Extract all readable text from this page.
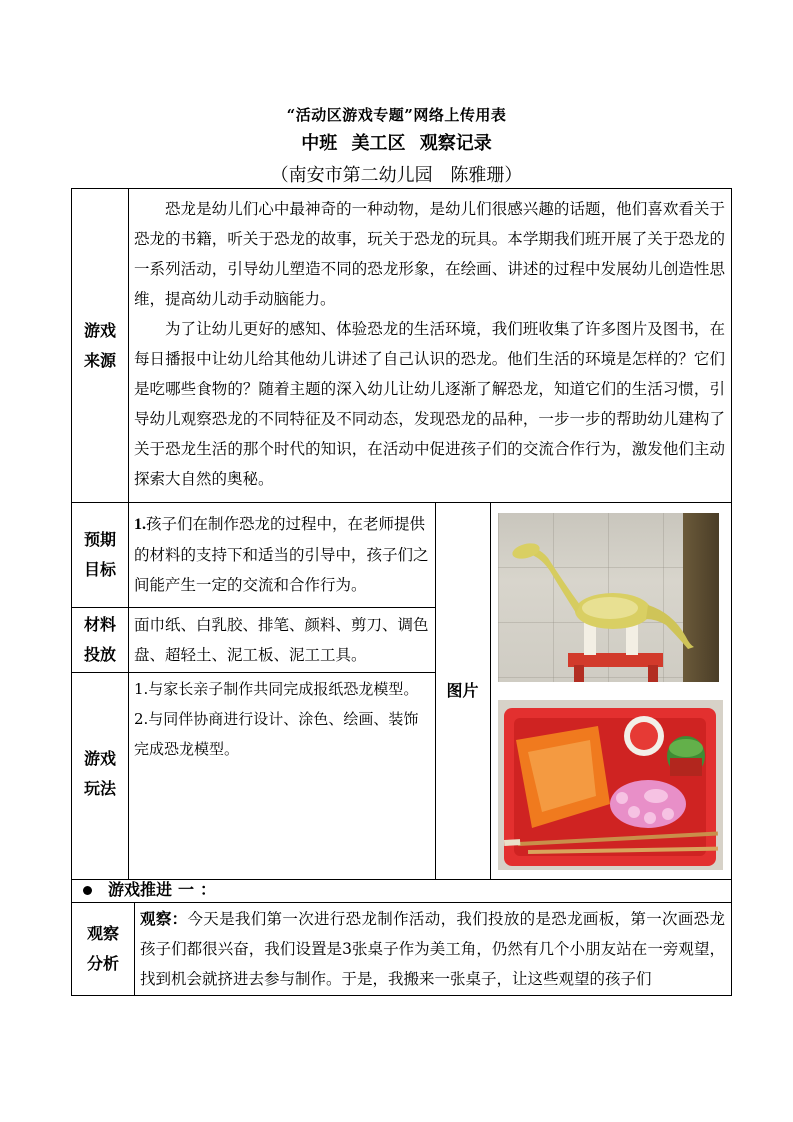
“活动区游戏专题”网络上传用表
中班 美工区 观察记录
（南安市第二幼儿园 陈雅珊）
游戏来源

恐龙是幼儿们心中最神奇的一种动物，是幼儿们很感兴趣的话题，他们喜欢看关于恐龙的书籍，听关于恐龙的故事，玩关于恐龙的玩具。本学期我们班开展了关于恐龙的一系列活动，引导幼儿塑造不同的恐龙形象，在绘画、讲述的过程中发展幼儿创造性思维，提高幼儿动手动脑能力。

为了让幼儿更好的感知、体验恐龙的生活环境，我们班收集了许多图片及图书，在每日播报中让幼儿给其他幼儿讲述了自己认识的恐龙。他们生活的环境是怎样的？它们是吃哪些食物的？随着主题的深入幼儿让幼儿逐渐了解恐龙，知道它们的生活习惯，引导幼儿观察恐龙的不同特征及不同动态，发现恐龙的品种，一步一步的帮助幼儿建构了关于恐龙生活的那个时代的知识，在活动中促进孩子们的交流合作行为，激发他们主动探索大自然的奥秘。

预期目标

1.孩子们在制作恐龙的过程中，在老师提供的材料的支持下和适当的引导中，孩子们之间能产生一定的交流和合作行为。

材料投放

面巾纸、白乳胶、排笔、颜料、剪刀、调色盘、超轻土、泥工板、泥工工具。

游戏玩法

1.与家长亲子制作共同完成报纸恐龙模型。

2.与同伴协商进行设计、涂色、绘画、装饰完成恐龙模型。

图片
游戏推进 一 ：
观察分析

观察：今天是我们第一次进行恐龙制作活动，我们投放的是恐龙画板，第一次画恐龙孩子们都很兴奋，我们设置是3张桌子作为美工角，仍然有几个小朋友站在一旁观望，找到机会就挤进去参与制作。于是，我搬来一张桌子，让这些观望的孩子们
